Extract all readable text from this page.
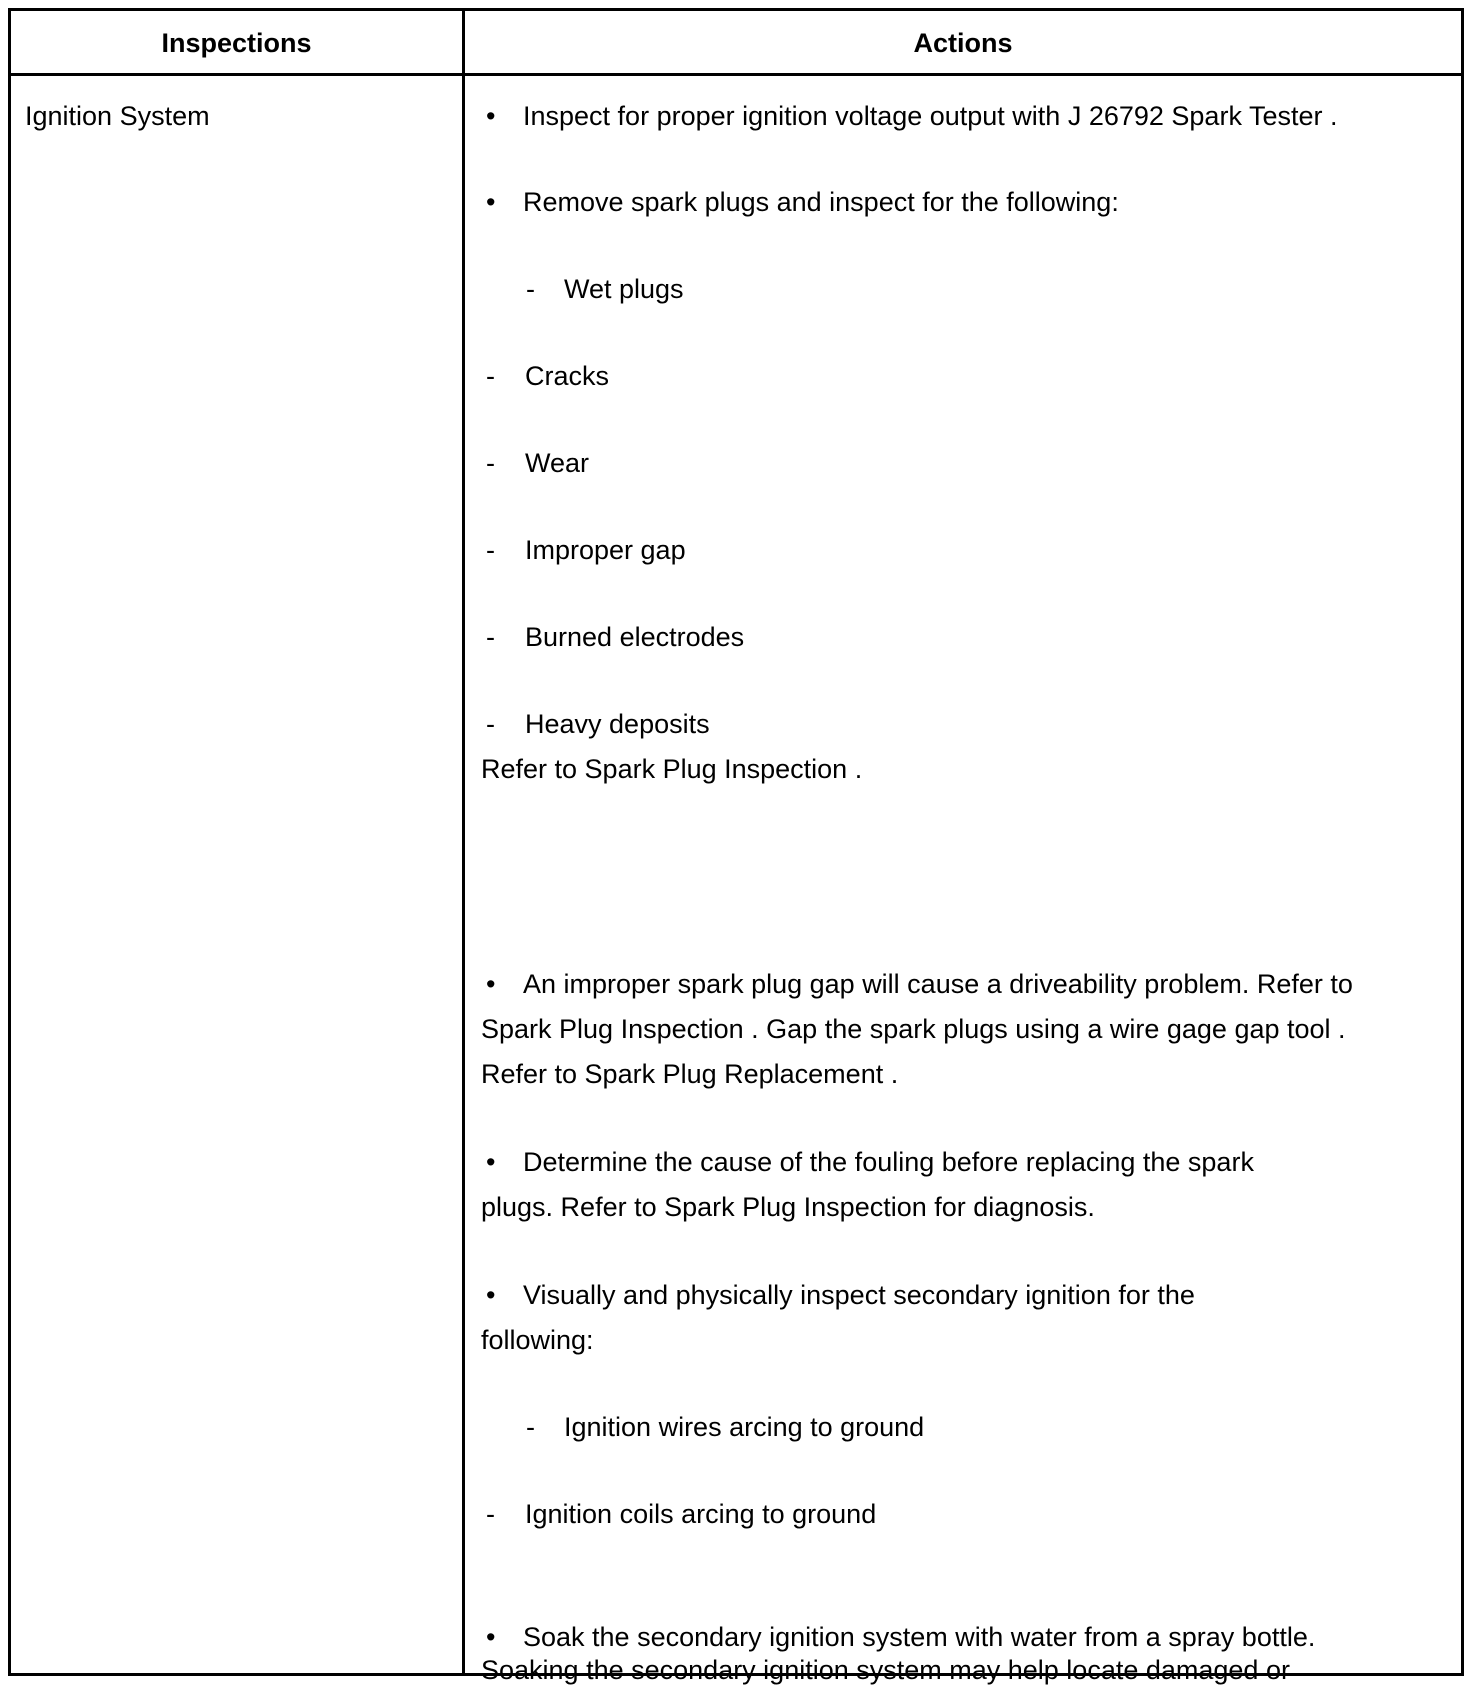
Inspections	Actions
Ignition System	• Inspect for proper ignition voltage output with J 26792 Spark Tester .
• Remove spark plugs and inspect for the following:
- Wet plugs
- Cracks
- Wear
- Improper gap
- Burned electrodes
- Heavy deposits
Refer to Spark Plug Inspection .
•	An improper spark plug gap will cause a driveability problem. Refer to Spark Plug Inspection . Gap the spark plugs using a wire gage gap tool . Refer to Spark Plug Replacement .
•	Determine the cause of the fouling before replacing the spark plugs. Refer to Spark Plug Inspection for diagnosis.
•	Visually and physically inspect secondary ignition for the following:
- Ignition wires arcing to ground
- Ignition coils arcing to ground
•	Soak the secondary ignition system with water from a spray bottle. Soaking the secondary ignition system may help locate damaged or
